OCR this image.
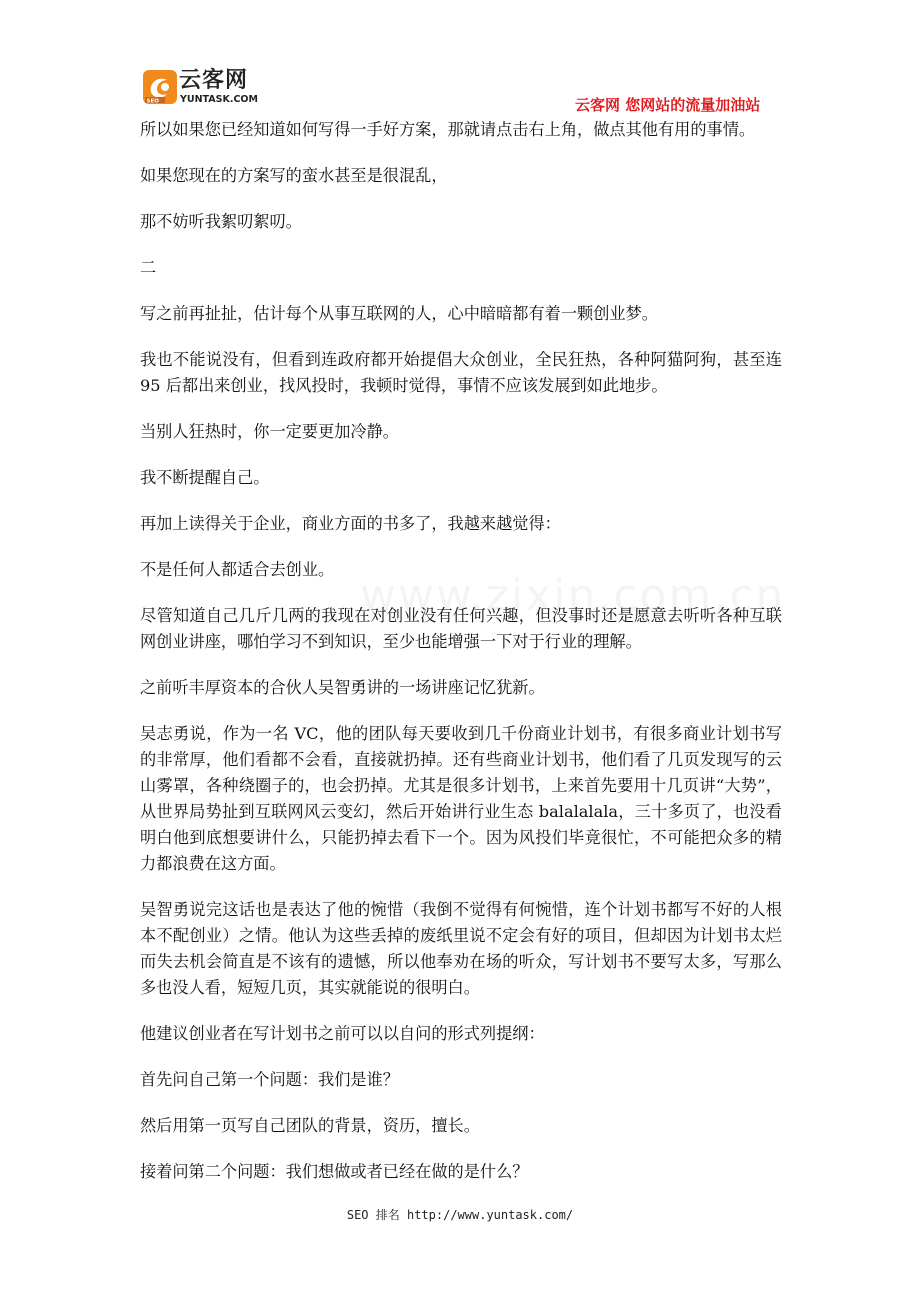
SEO
云客网
YUNTASK.COM	云客网 您网站的流量加油站

所以如果您已经知道如何写得一手好方案，那就请点击右上角，做点其他有用的事情。

如果您现在的方案写的蛮水甚至是很混乱，

那不妨听我絮叨絮叨。

二

写之前再扯扯，估计每个从事互联网的人，心中暗暗都有着一颗创业梦。

我也不能说没有，但看到连政府都开始提倡大众创业，全民狂热，各种阿猫阿狗，甚至连 95 后都出来创业，找风投时，我顿时觉得，事情不应该发展到如此地步。

当别人狂热时，你一定要更加冷静。

我不断提醒自己。

再加上读得关于企业，商业方面的书多了，我越来越觉得：

不是任何人都适合去创业。

尽管知道自己几斤几两的我现在对创业没有任何兴趣，但没事时还是愿意去听听各种互联网创业讲座，哪怕学习不到知识，至少也能增强一下对于行业的理解。

之前听丰厚资本的合伙人吴智勇讲的一场讲座记忆犹新。

吴志勇说，作为一名 VC，他的团队每天要收到几千份商业计划书，有很多商业计划书写的非常厚，他们看都不会看，直接就扔掉。还有些商业计划书，他们看了几页发现写的云山雾罩，各种绕圈子的，也会扔掉。尤其是很多计划书，上来首先要用十几页讲“大势”，从世界局势扯到互联网风云变幻，然后开始讲行业生态 balalalala，三十多页了，也没看明白他到底想要讲什么，只能扔掉去看下一个。因为风投们毕竟很忙，不可能把众多的精力都浪费在这方面。

吴智勇说完这话也是表达了他的惋惜（我倒不觉得有何惋惜，连个计划书都写不好的人根本不配创业）之情。他认为这些丢掉的废纸里说不定会有好的项目，但却因为计划书太烂而失去机会简直是不该有的遗憾，所以他奉劝在场的听众，写计划书不要写太多，写那么多也没人看，短短几页，其实就能说的很明白。

他建议创业者在写计划书之前可以以自问的形式列提纲：

首先问自己第一个问题：我们是谁？

然后用第一页写自己团队的背景，资历，擅长。

接着问第二个问题：我们想做或者已经在做的是什么？

SEO 排名 http://www.yuntask.com/
